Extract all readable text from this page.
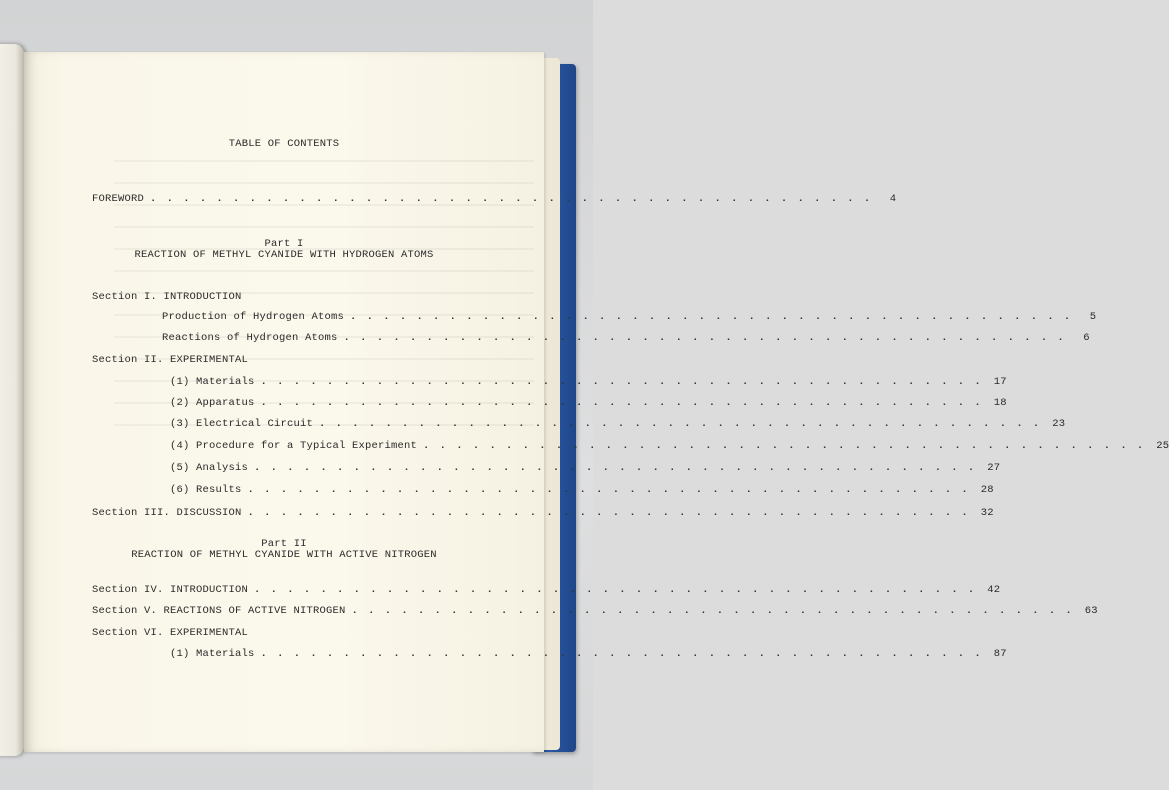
TABLE OF CONTENTS
FOREWORD . . . . . . . . . . . . . . . . . . . . . . . . . . . . . . . . . . . . . . . . . . . .	4
Part I
REACTION OF METHYL CYANIDE WITH HYDROGEN ATOMS
Section I. INTRODUCTION
Production of Hydrogen Atoms . . . . . . . . . . . . . . . . . . . . . . . . . . . . . . . . . . . . . . . . . . . .	5
Reactions of Hydrogen Atoms . . . . . . . . . . . . . . . . . . . . . . . . . . . . . . . . . . . . . . . . . . . .	6
Section II. EXPERIMENTAL
(1) Materials . . . . . . . . . . . . . . . . . . . . . . . . . . . . . . . . . . . . . . . . . . . .	17
(2) Apparatus . . . . . . . . . . . . . . . . . . . . . . . . . . . . . . . . . . . . . . . . . . . .	18
(3) Electrical Circuit . . . . . . . . . . . . . . . . . . . . . . . . . . . . . . . . . . . . . . . . . . . .	23
(4) Procedure for a Typical Experiment . . . . . . . . . . . . . . . . . . . . . . . . . . . . . . . . . . . . . . . . . . . .	25
(5) Analysis . . . . . . . . . . . . . . . . . . . . . . . . . . . . . . . . . . . . . . . . . . . .	27
(6) Results . . . . . . . . . . . . . . . . . . . . . . . . . . . . . . . . . . . . . . . . . . . .	28
Section III. DISCUSSION . . . . . . . . . . . . . . . . . . . . . . . . . . . . . . . . . . . . . . . . . . . .	32
Part II
REACTION OF METHYL CYANIDE WITH ACTIVE NITROGEN
Section IV. INTRODUCTION . . . . . . . . . . . . . . . . . . . . . . . . . . . . . . . . . . . . . . . . . . . .	42
Section V. REACTIONS OF ACTIVE NITROGEN . . . . . . . . . . . . . . . . . . . . . . . . . . . . . . . . . . . . . . . . . . . .	63
Section VI. EXPERIMENTAL
(1) Materials . . . . . . . . . . . . . . . . . . . . . . . . . . . . . . . . . . . . . . . . . . . .	87
